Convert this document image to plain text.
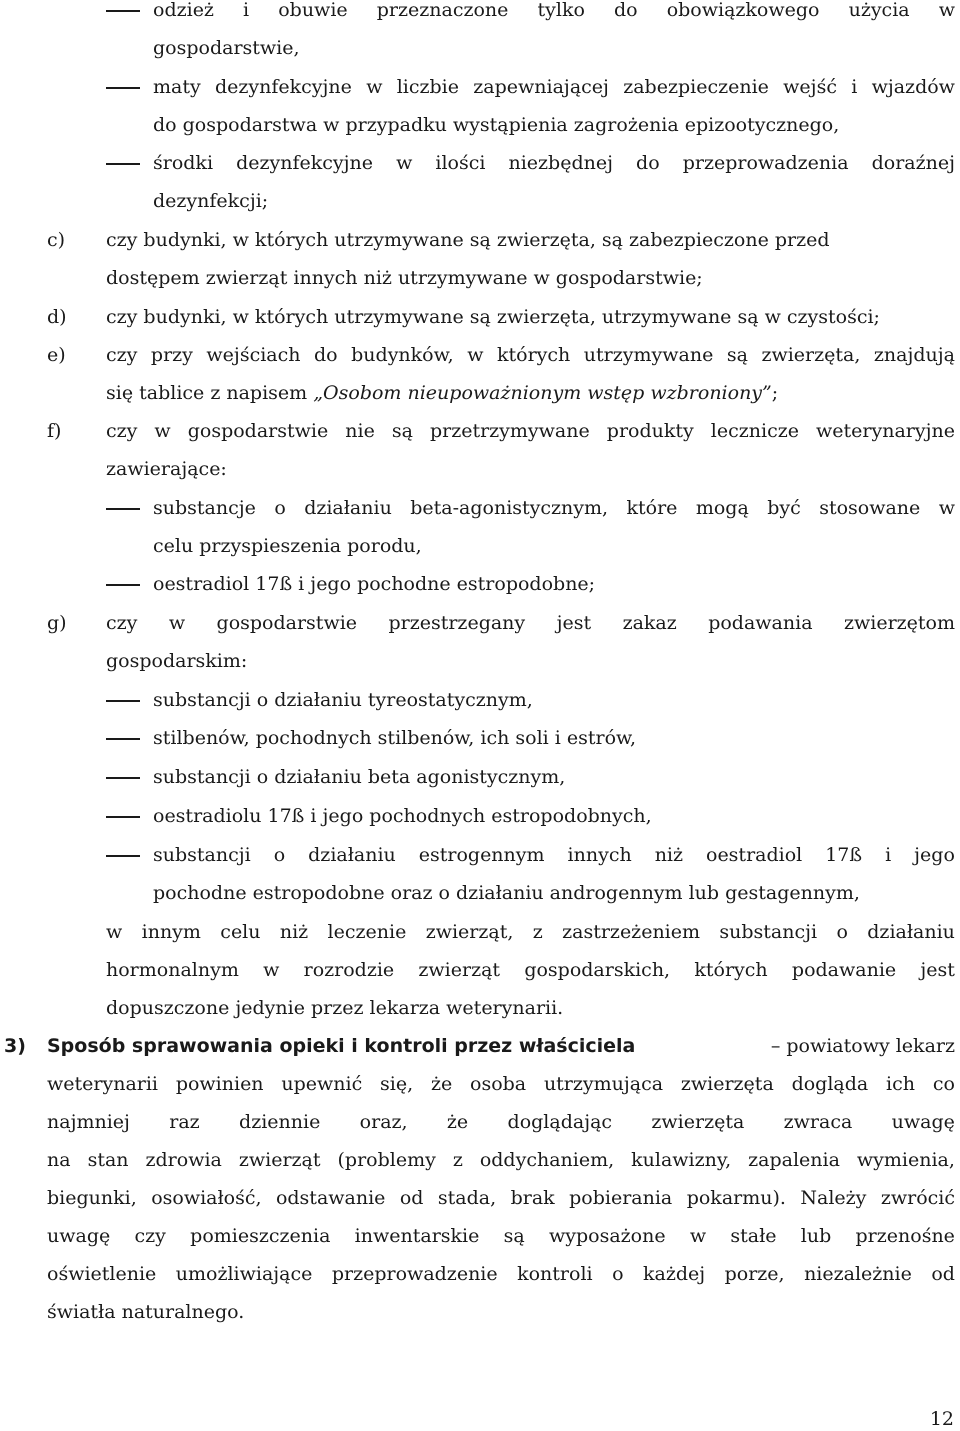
odzież i obuwie przeznaczone tylko do obowiązkowego użycia w
gospodarstwie,
maty dezynfekcyjne w liczbie zapewniającej zabezpieczenie wejść i wjazdów
do gospodarstwa w przypadku wystąpienia zagrożenia epizootycznego,
środki dezynfekcyjne w ilości niezbędnej do przeprowadzenia doraźnej
dezynfekcji;
c) czy budynki, w których utrzymywane są zwierzęta, są zabezpieczone przed
dostępem zwierząt innych niż utrzymywane w gospodarstwie;
d) czy budynki, w których utrzymywane są zwierzęta, utrzymywane są w czystości;
e) czy przy wejściach do budynków, w których utrzymywane są zwierzęta, znajdują
się tablice z napisem „Osobom nieupoważnionym wstęp wzbroniony”;
f) czy w gospodarstwie nie są przetrzymywane produkty lecznicze weterynaryjne
zawierające:
substancje o działaniu beta-agonistycznym, które mogą być stosowane w
celu przyspieszenia porodu,
oestradiol 17ß i jego pochodne estropodobne;
g) czy w gospodarstwie przestrzegany jest zakaz podawania zwierzętom
gospodarskim:
substancji o działaniu tyreostatycznym,
stilbenów, pochodnych stilbenów, ich soli i estrów,
substancji o działaniu beta agonistycznym,
oestradiolu 17ß i jego pochodnych estropodobnych,
substancji o działaniu estrogennym innych niż oestradiol 17ß i jego
pochodne estropodobne oraz o działaniu androgennym lub gestagennym,
w innym celu niż leczenie zwierząt, z zastrzeżeniem substancji o działaniu
hormonalnym w rozrodzie zwierząt gospodarskich, których podawanie jest
dopuszczone jedynie przez lekarza weterynarii.
3) Sposób sprawowania opieki i kontroli przez właściciela	– powiatowy lekarz
weterynarii powinien upewnić się, że osoba utrzymująca zwierzęta dogląda ich co
najmniej raz dziennie oraz, że doglądając zwierzęta zwraca uwagę
na stan zdrowia zwierząt (problemy z oddychaniem, kulawizny, zapalenia wymienia,
biegunki, osowiałość, odstawanie od stada, brak pobierania pokarmu). Należy zwrócić
uwagę czy pomieszczenia inwentarskie są wyposażone w stałe lub przenośne
oświetlenie umożliwiające przeprowadzenie kontroli o każdej porze, niezależnie od
światła naturalnego.
12
